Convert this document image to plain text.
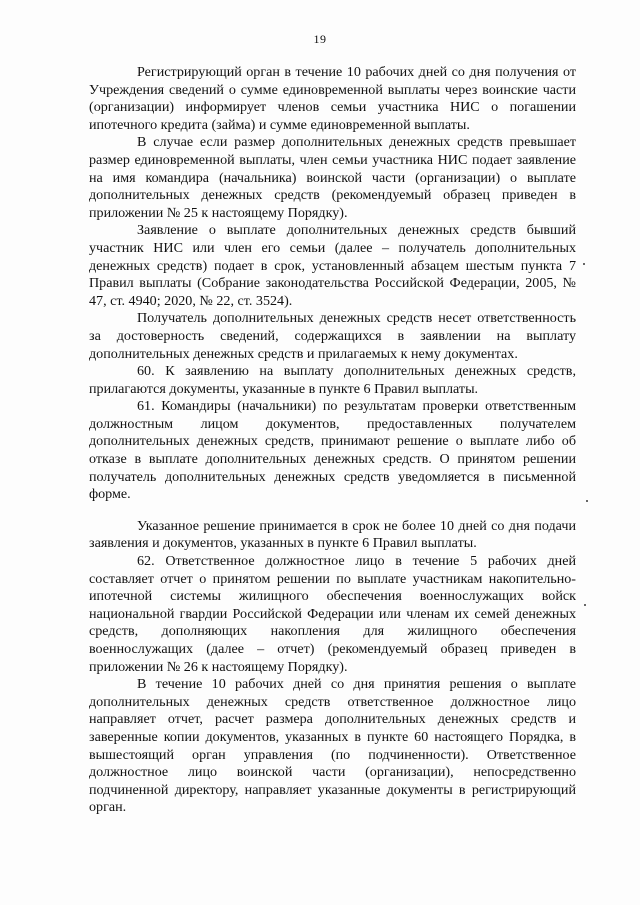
19

Регистрирующий орган в течение 10 рабочих дней со дня получения от Учреждения сведений о сумме единовременной выплаты через воинские части (организации) информирует членов семьи участника НИС о погашении ипотечного кредита (займа) и сумме единовременной выплаты.

В случае если размер дополнительных денежных средств превышает размер единовременной выплаты, член семьи участника НИС подает заявление на имя командира (начальника) воинской части (организации) о выплате дополнительных денежных средств (рекомендуемый образец приведен в приложении № 25 к настоящему Порядку).

Заявление о выплате дополнительных денежных средств бывший участник НИС или член его семьи (далее – получатель дополнительных денежных средств) подает в срок, установленный абзацем шестым пункта 7 Правил выплаты (Собрание законодательства Российской Федерации, 2005, № 47, ст. 4940; 2020, № 22, ст. 3524).

Получатель дополнительных денежных средств несет ответственность за достоверность сведений, содержащихся в заявлении на выплату дополнительных денежных средств и прилагаемых к нему документах.

60. К заявлению на выплату дополнительных денежных средств, прилагаются документы, указанные в пункте 6 Правил выплаты.

61. Командиры (начальники) по результатам проверки ответственным должностным лицом документов, предоставленных получателем дополнительных денежных средств, принимают решение о выплате либо об отказе в выплате дополнительных денежных средств. О принятом решении получатель дополнительных денежных средств уведомляется в письменной форме.

Указанное решение принимается в срок не более 10 дней со дня подачи заявления и документов, указанных в пункте 6 Правил выплаты.

62. Ответственное должностное лицо в течение 5 рабочих дней составляет отчет о принятом решении по выплате участникам накопительно-ипотечной системы жилищного обеспечения военнослужащих войск национальной гвардии Российской Федерации или членам их семей денежных средств, дополняющих накопления для жилищного обеспечения военнослужащих (далее – отчет) (рекомендуемый образец приведен в приложении № 26 к настоящему Порядку).

В течение 10 рабочих дней со дня принятия решения о выплате дополнительных денежных средств ответственное должностное лицо направляет отчет, расчет размера дополнительных денежных средств и заверенные копии документов, указанных в пункте 60 настоящего Порядка, в вышестоящий орган управления (по подчиненности). Ответственное должностное лицо воинской части (организации), непосредственно подчиненной директору, направляет указанные документы в регистрирующий орган.
